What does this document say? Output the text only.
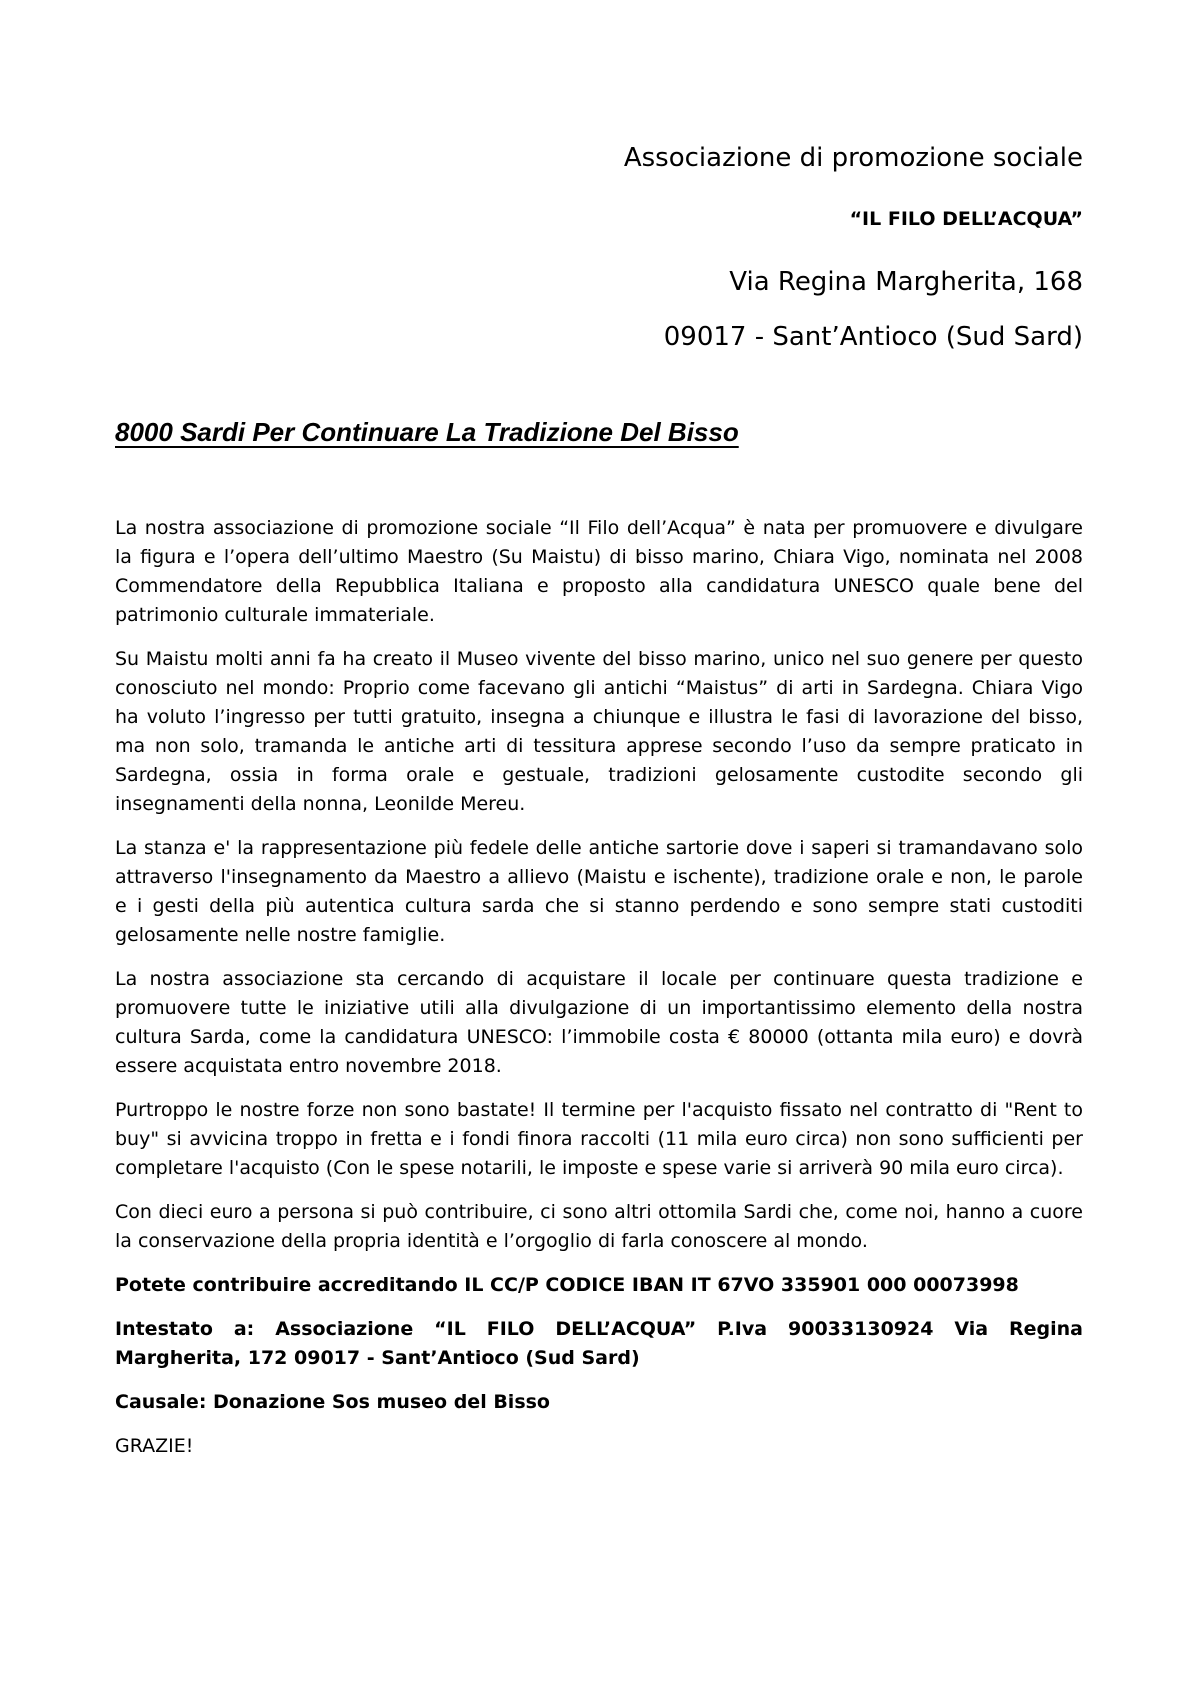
Associazione di promozione sociale
“IL FILO DELL’ACQUA”
Via Regina Margherita, 168
09017 - Sant’Antioco (Sud Sard)
8000 Sardi Per Continuare La Tradizione Del Bisso

La nostra associazione di promozione sociale “Il Filo dell’Acqua” è nata per promuovere e divulgare la figura e l’opera dell’ultimo Maestro (Su Maistu) di bisso marino, Chiara Vigo, nominata nel 2008 Commendatore della Repubblica Italiana e proposto alla candidatura UNESCO quale bene del patrimonio culturale immateriale.

Su Maistu molti anni fa ha creato il Museo vivente del bisso marino, unico nel suo genere per questo conosciuto nel mondo: Proprio come facevano gli antichi “Maistus” di arti in Sardegna. Chiara Vigo ha voluto l’ingresso per tutti gratuito, insegna a chiunque e illustra le fasi di lavorazione del bisso, ma non solo, tramanda le antiche arti di tessitura apprese secondo l’uso da sempre praticato in Sardegna, ossia in forma orale e gestuale, tradizioni gelosamente custodite secondo gli insegnamenti della nonna, Leonilde Mereu.

La stanza e' la rappresentazione più fedele delle antiche sartorie dove i saperi si tramandavano solo attraverso l'insegnamento da Maestro a allievo (Maistu e ischente), tradizione orale e non, le parole e i gesti della più autentica cultura sarda che si stanno perdendo e sono sempre stati custoditi gelosamente nelle nostre famiglie.

La nostra associazione sta cercando di acquistare il locale per continuare questa tradizione e promuovere tutte le iniziative utili alla divulgazione di un importantissimo elemento della nostra cultura Sarda, come la candidatura UNESCO: l’immobile costa € 80000 (ottanta mila euro) e dovrà essere acquistata entro novembre 2018.

Purtroppo le nostre forze non sono bastate! Il termine per l'acquisto fissato nel contratto di "Rent to buy" si avvicina troppo in fretta e i fondi finora raccolti (11 mila euro circa) non sono sufficienti per completare l'acquisto (Con le spese notarili, le imposte e spese varie si arriverà 90 mila euro circa).

Con dieci euro a persona si può contribuire, ci sono altri ottomila Sardi che, come noi, hanno a cuore la conservazione della propria identità e l’orgoglio di farla conoscere al mondo.

Potete contribuire accreditando IL CC/P CODICE IBAN IT 67VO 335901 000 00073998

Intestato a: Associazione “IL FILO DELL’ACQUA” P.Iva 90033130924 Via Regina Margherita, 172 09017 - Sant’Antioco (Sud Sard)

Causale: Donazione Sos museo del Bisso

GRAZIE!
